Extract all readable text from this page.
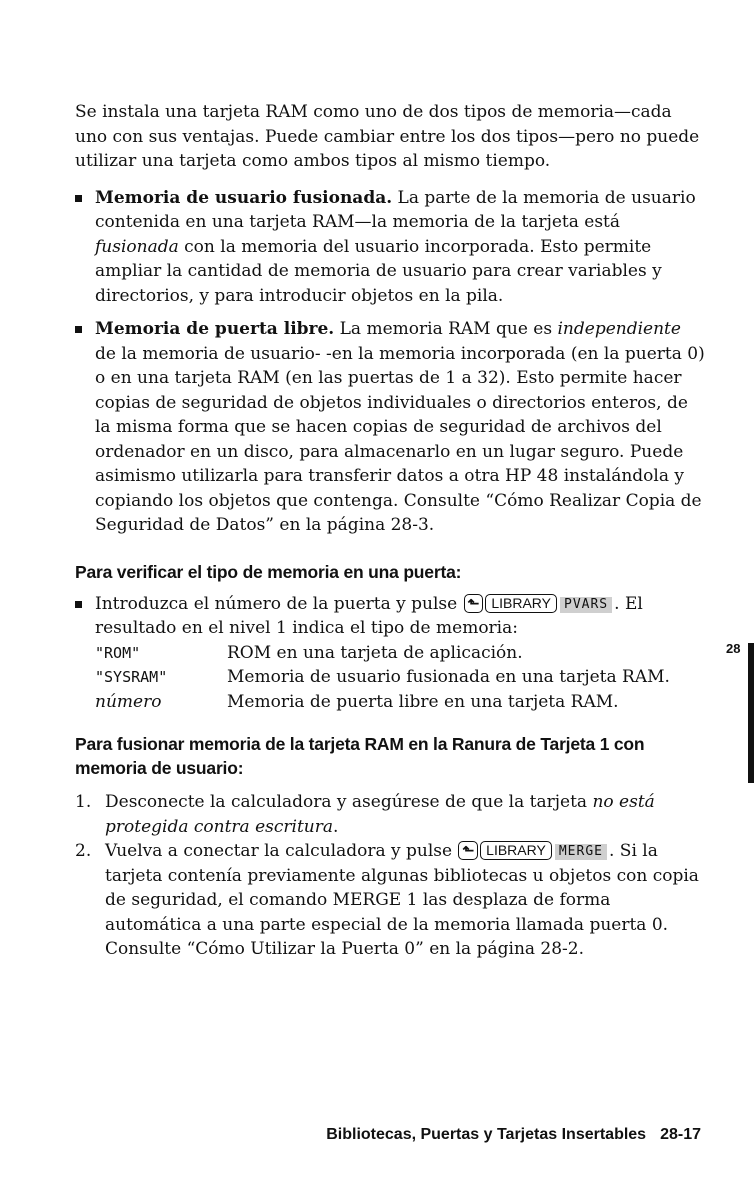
Se instala una tarjeta RAM como uno de dos tipos de memoria—cada uno con sus ventajas. Puede cambiar entre los dos tipos—pero no puede utilizar una tarjeta como ambos tipos al mismo tiempo.

Memoria de usuario fusionada. La parte de la memoria de usuario contenida en una tarjeta RAM—la memoria de la tarjeta está fusionada con la memoria del usuario incorporada. Esto permite ampliar la cantidad de memoria de usuario para crear variables y directorios, y para introducir objetos en la pila.
Memoria de puerta libre. La memoria RAM que es independiente de la memoria de usuario- -en la memoria incorporada (en la puerta 0) o en una tarjeta RAM (en las puertas de 1 a 32). Esto permite hacer copias de seguridad de objetos individuales o directorios enteros, de la misma forma que se hacen copias de seguridad de archivos del ordenador en un disco, para almacenarlo en un lugar seguro. Puede asimismo utilizarla para transferir datos a otra HP 48 instalándola y copiando los objetos que contenga. Consulte “Cómo Realizar Copia de Seguridad de Datos” en la página 28-3.
Para verificar el tipo de memoria en una puerta:
Introduzca el número de la puerta y pulse ⬑ LIBRARY PVARS . El resultado en el nivel 1 indica el tipo de memoria:
"ROM"	ROM en una tarjeta de aplicación.
"SYSRAM"	Memoria de usuario fusionada en una tarjeta RAM.
número	Memoria de puerta libre en una tarjeta RAM.
Para fusionar memoria de la tarjeta RAM en la Ranura de Tarjeta 1 con memoria de usuario:
1. Desconecte la calculadora y asegúrese de que la tarjeta no está protegida contra escritura.
2. Vuelva a conectar la calculadora y pulse ⬑ LIBRARY MERGE . Si la tarjeta contenía previamente algunas bibliotecas u objetos con copia de seguridad, el comando MERGE 1 las desplaza de forma automática a una parte especial de la memoria llamada puerta 0. Consulte “Cómo Utilizar la Puerta 0” en la página 28-2.
28
Bibliotecas, Puertas y Tarjetas Insertables 28-17
